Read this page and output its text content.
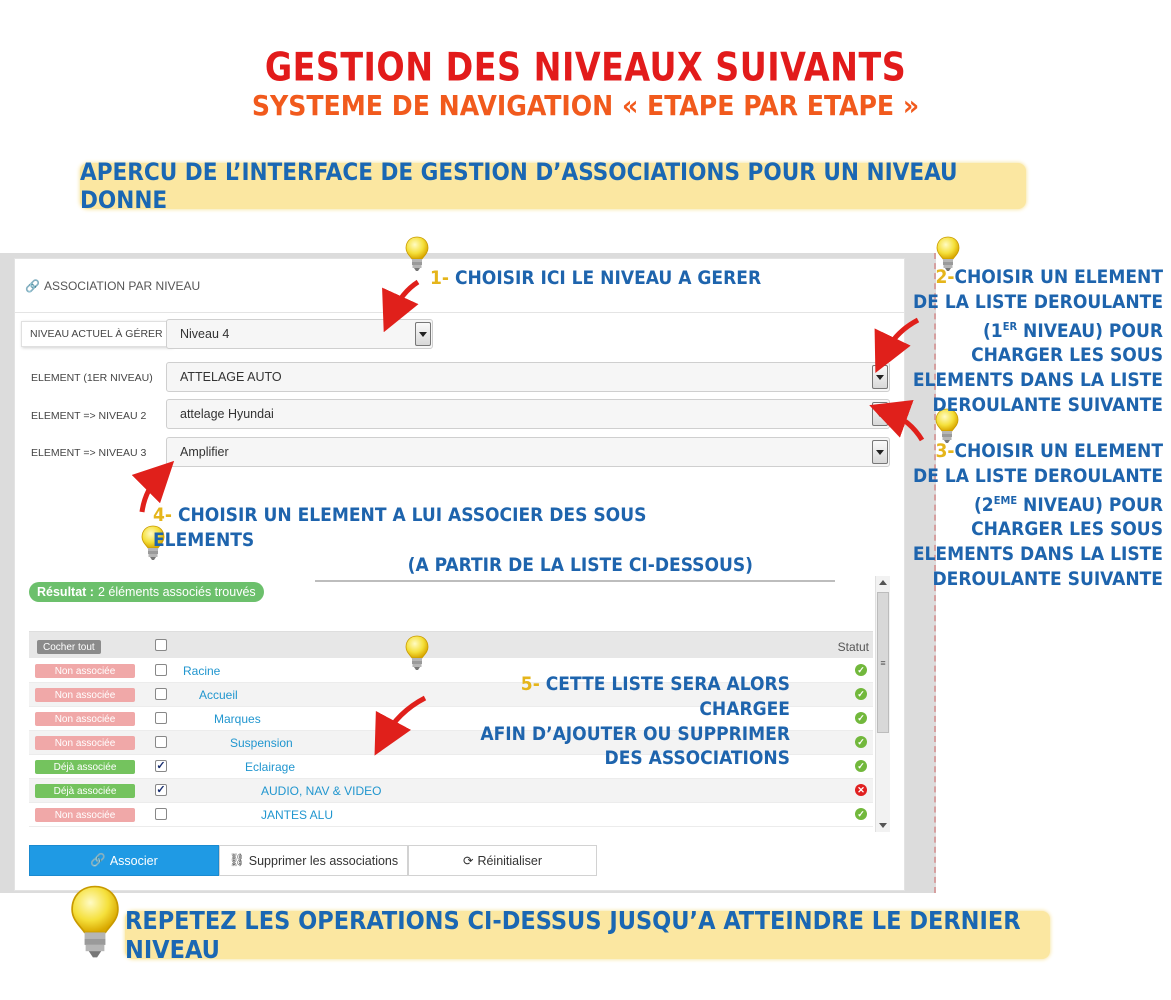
GESTION DES NIVEAUX SUIVANTS
SYSTEME DE NAVIGATION « ETAPE PAR ETAPE »
APERCU DE L’INTERFACE DE GESTION D’ASSOCIATIONS POUR UN NIVEAU DONNE
🔗 ASSOCIATION PAR NIVEAU
NIVEAU ACTUEL À GÉRER	Niveau 4
ELEMENT (1ER NIVEAU) ATTELAGE AUTO
ELEMENT => NIVEAU 2	attelage Hyundai
ELEMENT => NIVEAU 3	Amplifier
Résultat : 2 éléments associés trouvés
Cocher tout	Statut
Non associée	Racine	✓
Non associée	Accueil	✓
Non associée	Marques	✓
Non associée	Suspension	✓
Déjà associée	✓	Eclairage	✓
Déjà associée	✓	AUDIO, NAV & VIDEO	✕
Non associée	JANTES ALU	✓
≡
🔗 Associer	⛓ Supprimer les associations	⟳ Réinitialiser
1- CHOISIR ICI LE NIVEAU A GERER	2-CHOISIR UN ELEMENT
DE LA LISTE DEROULANTE
(1ER NIVEAU) POUR
CHARGER LES SOUS
ELEMENTS DANS LA LISTE
DEROULANTE SUIVANTE
3-CHOISIR UN ELEMENT
DE LA LISTE DEROULANTE
(2EME NIVEAU) POUR
CHARGER LES SOUS
ELEMENTS DANS LA LISTE
DEROULANTE SUIVANTE
4- CHOISIR UN ELEMENT A LUI ASSOCIER DES SOUS ELEMENTS
(A PARTIR DE LA LISTE CI-DESSOUS)
5- CETTE LISTE SERA ALORS CHARGEE
AFIN D’AJOUTER OU SUPPRIMER
DES ASSOCIATIONS
REPETEZ LES OPERATIONS CI-DESSUS JUSQU’A ATTEINDRE LE DERNIER NIVEAU
